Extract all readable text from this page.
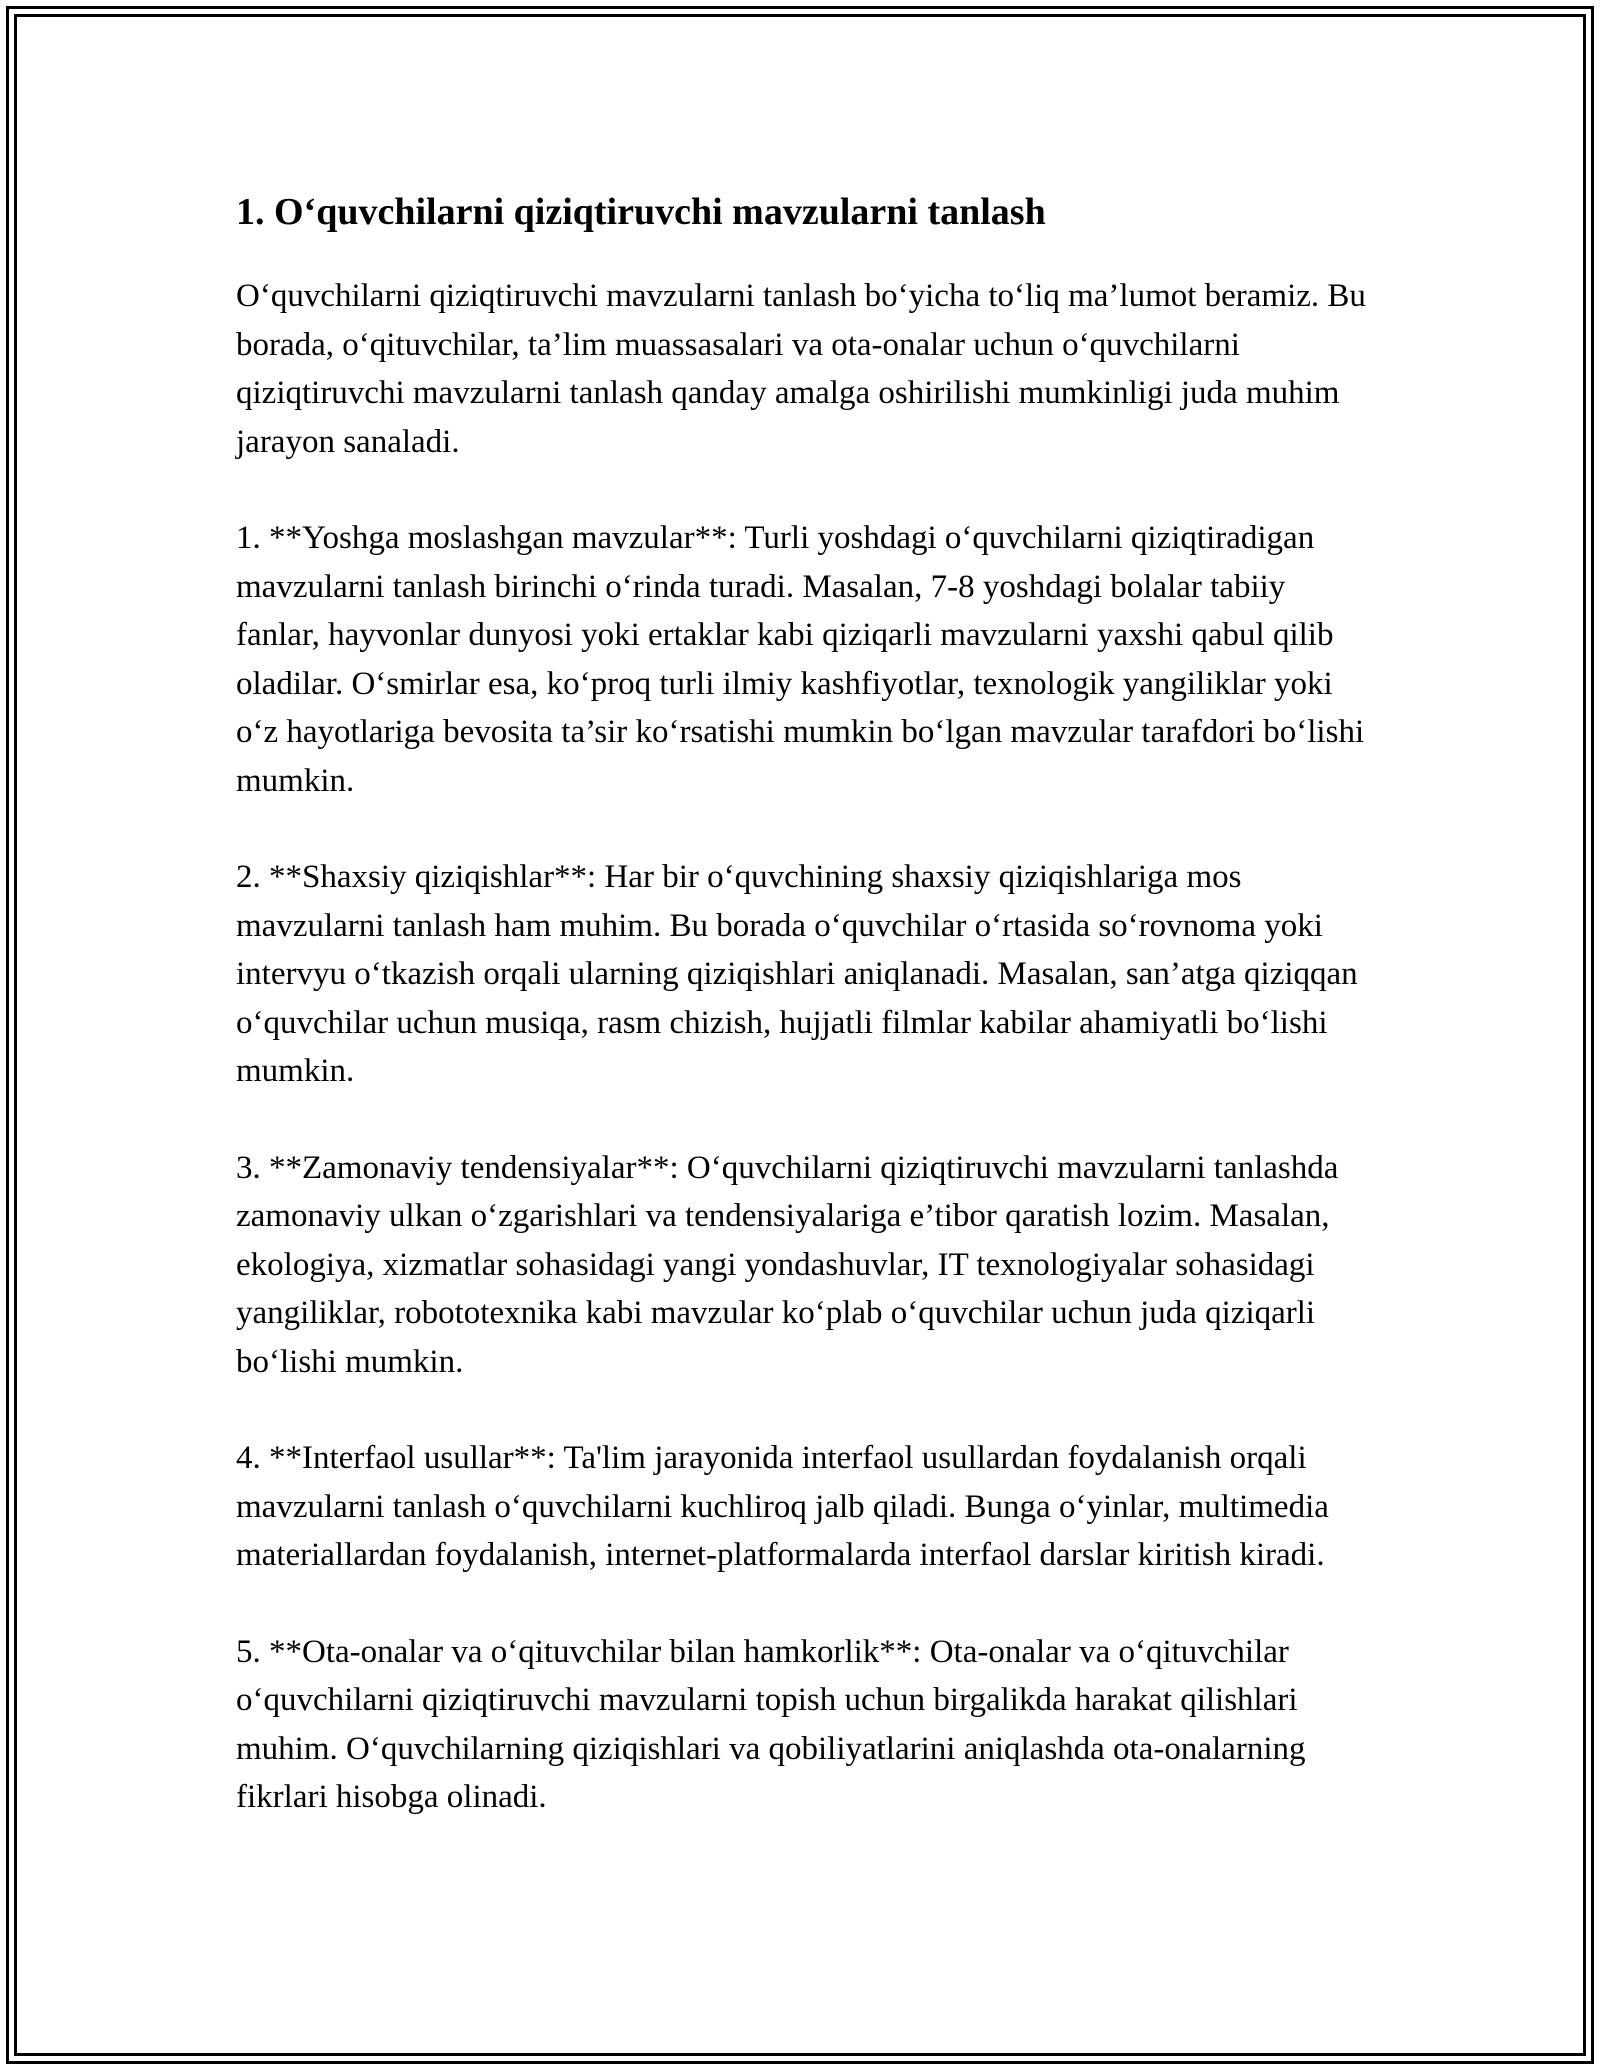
1. O‘quvchilarni qiziqtiruvchi mavzularni tanlash

O‘quvchilarni qiziqtiruvchi mavzularni tanlash bo‘yicha to‘liq ma’lumot beramiz. Bu borada, o‘qituvchilar, ta’lim muassasalari va ota-onalar uchun o‘quvchilarni qiziqtiruvchi mavzularni tanlash qanday amalga oshirilishi mumkinligi juda muhim jarayon sanaladi.

1. **Yoshga moslashgan mavzular**: Turli yoshdagi o‘quvchilarni qiziqtiradigan mavzularni tanlash birinchi o‘rinda turadi. Masalan, 7-8 yoshdagi bolalar tabiiy fanlar, hayvonlar dunyosi yoki ertaklar kabi qiziqarli mavzularni yaxshi qabul qilib oladilar. O‘smirlar esa, ko‘proq turli ilmiy kashfiyotlar, texnologik yangiliklar yoki o‘z hayotlariga bevosita ta’sir ko‘rsatishi mumkin bo‘lgan mavzular tarafdori bo‘lishi mumkin.

2. **Shaxsiy qiziqishlar**: Har bir o‘quvchining shaxsiy qiziqishlariga mos mavzularni tanlash ham muhim. Bu borada o‘quvchilar o‘rtasida so‘rovnoma yoki intervyu o‘tkazish orqali ularning qiziqishlari aniqlanadi. Masalan, san’atga qiziqqan o‘quvchilar uchun musiqa, rasm chizish, hujjatli filmlar kabilar ahamiyatli bo‘lishi mumkin.

3. **Zamonaviy tendensiyalar**: O‘quvchilarni qiziqtiruvchi mavzularni tanlashda zamonaviy ulkan o‘zgarishlari va tendensiyalariga e’tibor qaratish lozim. Masalan, ekologiya, xizmatlar sohasidagi yangi yondashuvlar, IT texnologiyalar sohasidagi yangiliklar, robototexnika kabi mavzular ko‘plab o‘quvchilar uchun juda qiziqarli bo‘lishi mumkin.

4. **Interfaol usullar**: Ta'lim jarayonida interfaol usullardan foydalanish orqali mavzularni tanlash o‘quvchilarni kuchliroq jalb qiladi. Bunga o‘yinlar, multimedia materiallardan foydalanish, internet-platformalarda interfaol darslar kiritish kiradi.

5. **Ota-onalar va o‘qituvchilar bilan hamkorlik**: Ota-onalar va o‘qituvchilar o‘quvchilarni qiziqtiruvchi mavzularni topish uchun birgalikda harakat qilishlari muhim. O‘quvchilarning qiziqishlari va qobiliyatlarini aniqlashda ota-onalarning fikrlari hisobga olinadi.
